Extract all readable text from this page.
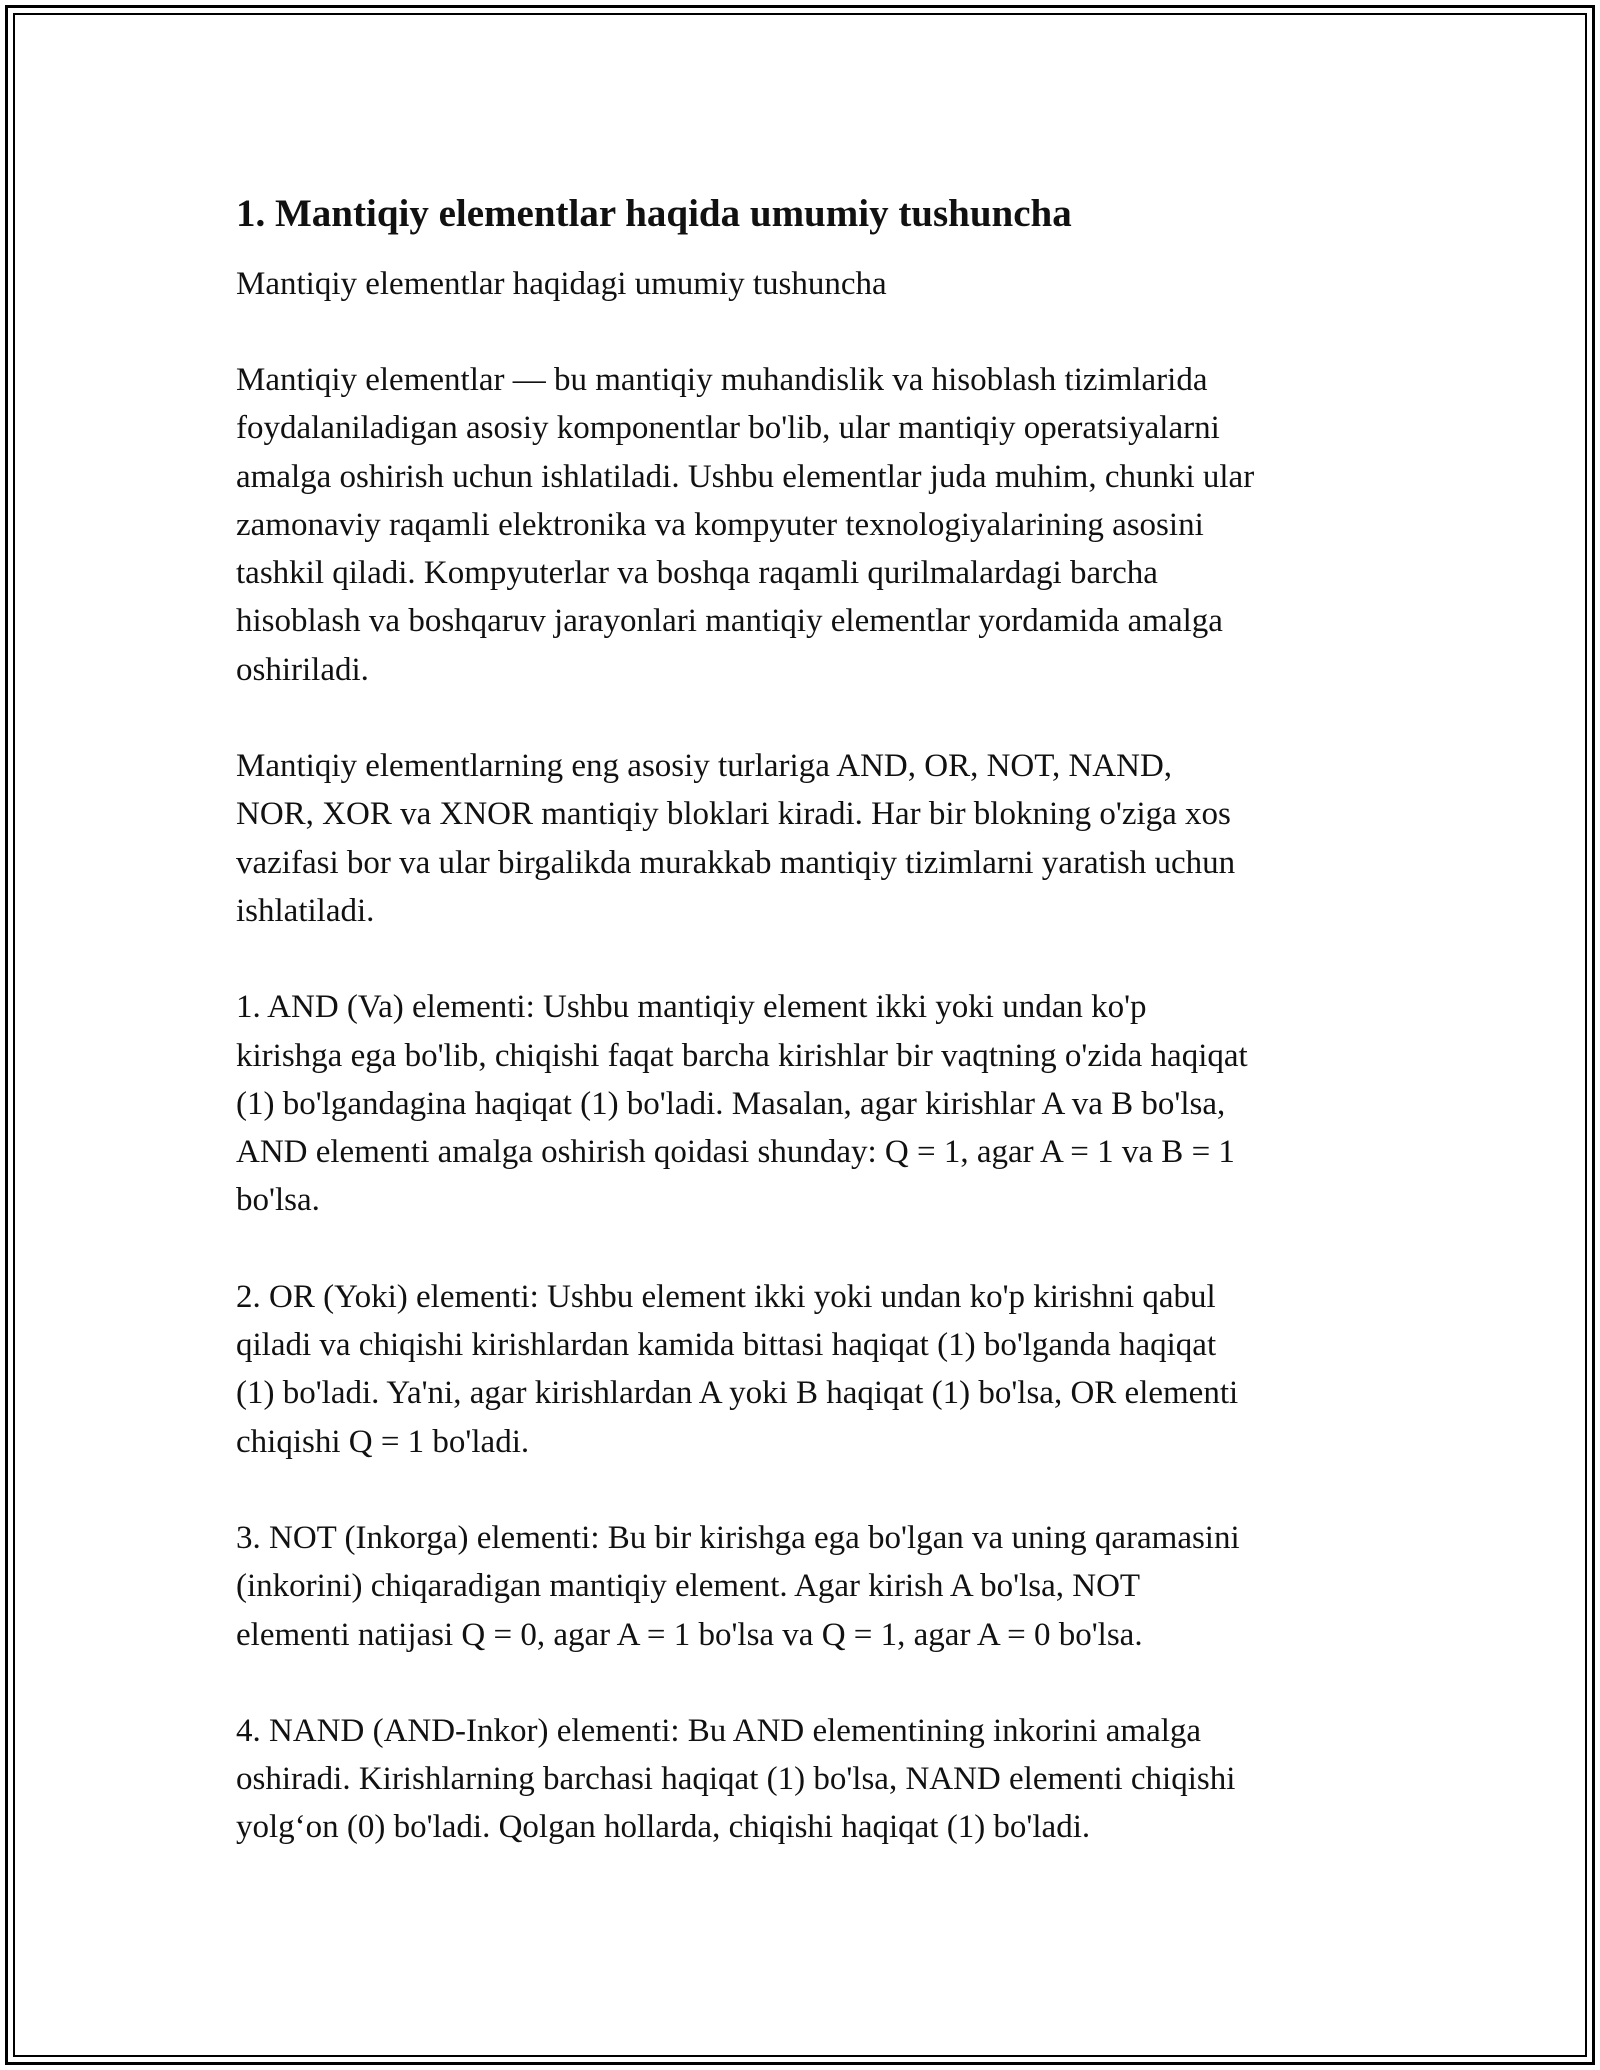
1. Mantiqiy elementlar haqida umumiy tushuncha

Mantiqiy elementlar haqidagi umumiy tushuncha

Mantiqiy elementlar — bu mantiqiy muhandislik va hisoblash tizimlarida
foydalaniladigan asosiy komponentlar bo'lib, ular mantiqiy operatsiyalarni
amalga oshirish uchun ishlatiladi. Ushbu elementlar juda muhim, chunki ular
zamonaviy raqamli elektronika va kompyuter texnologiyalarining asosini
tashkil qiladi. Kompyuterlar va boshqa raqamli qurilmalardagi barcha
hisoblash va boshqaruv jarayonlari mantiqiy elementlar yordamida amalga
oshiriladi.

Mantiqiy elementlarning eng asosiy turlariga AND, OR, NOT, NAND,
NOR, XOR va XNOR mantiqiy bloklari kiradi. Har bir blokning o'ziga xos
vazifasi bor va ular birgalikda murakkab mantiqiy tizimlarni yaratish uchun
ishlatiladi.

1. AND (Va) elementi: Ushbu mantiqiy element ikki yoki undan ko'p
kirishga ega bo'lib, chiqishi faqat barcha kirishlar bir vaqtning o'zida haqiqat
(1) bo'lgandagina haqiqat (1) bo'ladi. Masalan, agar kirishlar A va B bo'lsa,
AND elementi amalga oshirish qoidasi shunday: Q = 1, agar A = 1 va B = 1
bo'lsa.

2. OR (Yoki) elementi: Ushbu element ikki yoki undan ko'p kirishni qabul
qiladi va chiqishi kirishlardan kamida bittasi haqiqat (1) bo'lganda haqiqat
(1) bo'ladi. Ya'ni, agar kirishlardan A yoki B haqiqat (1) bo'lsa, OR elementi
chiqishi Q = 1 bo'ladi.

3. NOT (Inkorga) elementi: Bu bir kirishga ega bo'lgan va uning qaramasini
(inkorini) chiqaradigan mantiqiy element. Agar kirish A bo'lsa, NOT
elementi natijasi Q = 0, agar A = 1 bo'lsa va Q = 1, agar A = 0 bo'lsa.

4. NAND (AND-Inkor) elementi: Bu AND elementining inkorini amalga
oshiradi. Kirishlarning barchasi haqiqat (1) bo'lsa, NAND elementi chiqishi
yolg‘on (0) bo'ladi. Qolgan hollarda, chiqishi haqiqat (1) bo'ladi.
